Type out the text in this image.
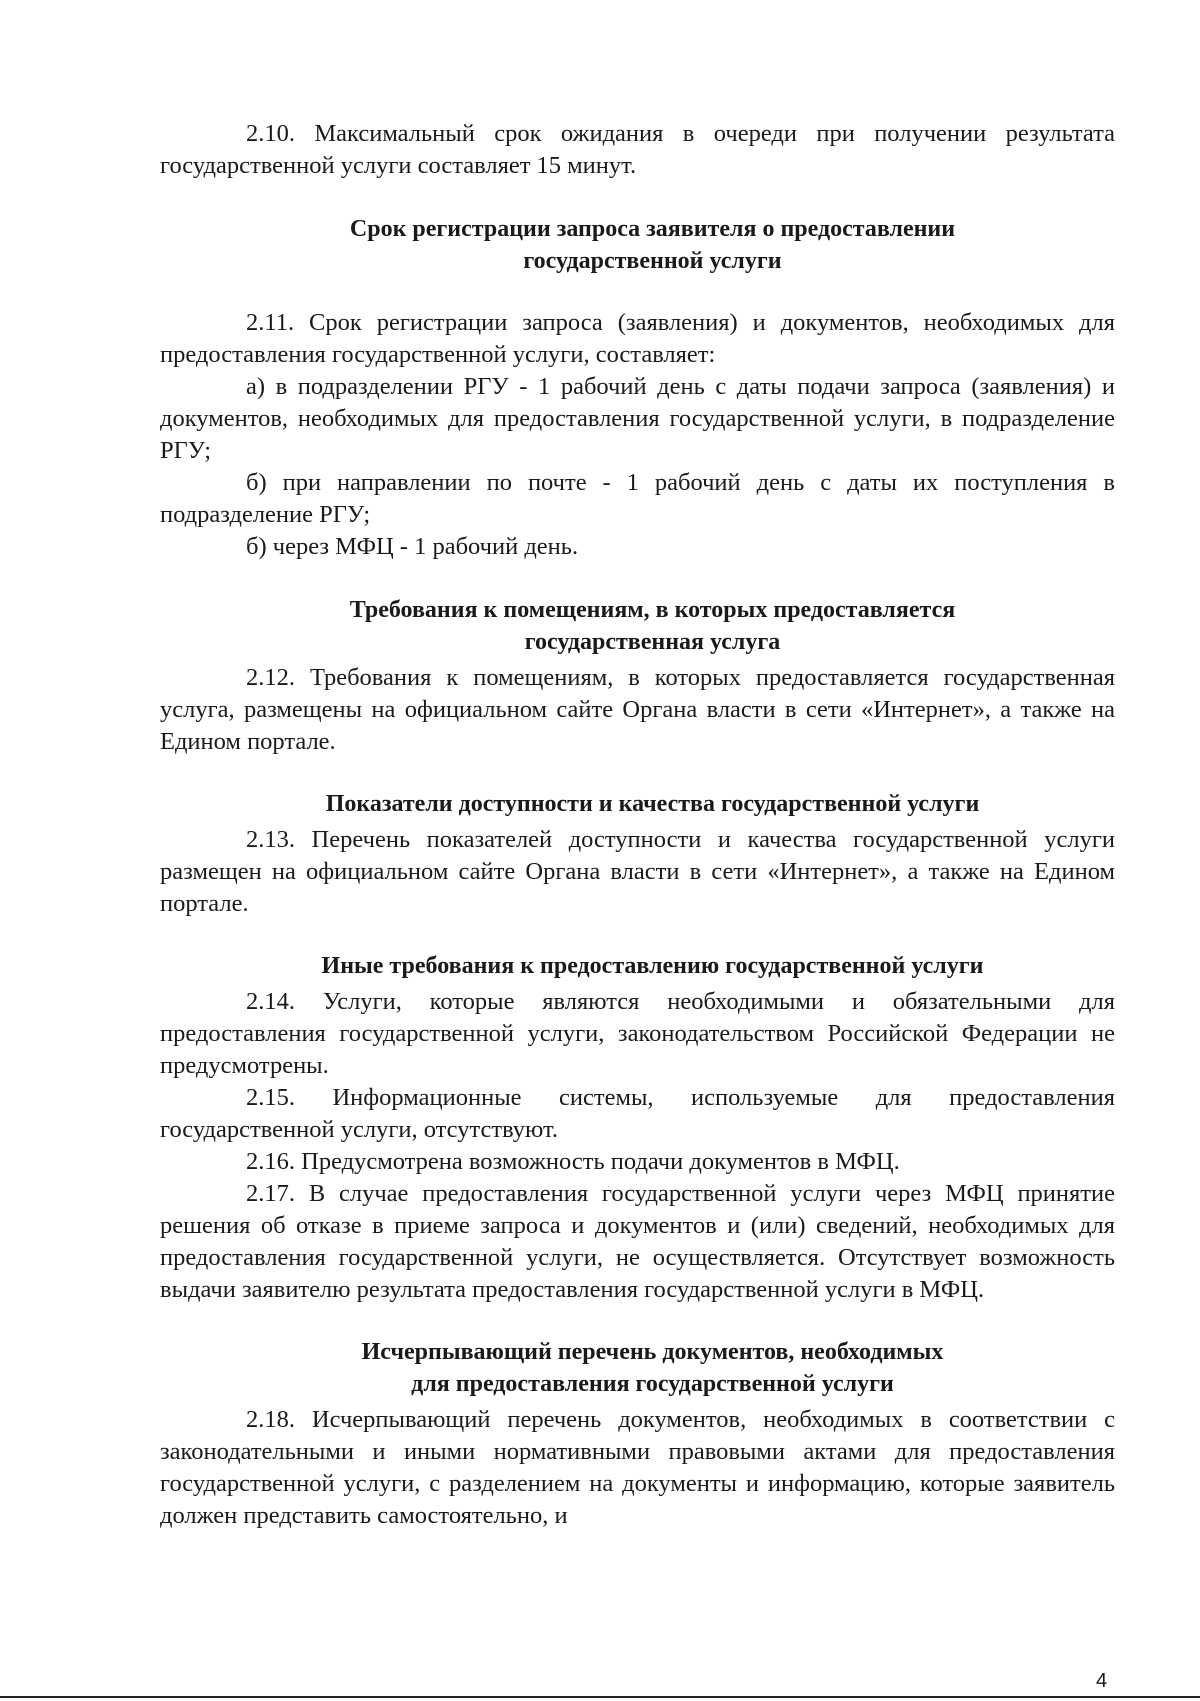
2.10. Максимальный срок ожидания в очереди при получении результата государственной услуги составляет 15 минут.

Срок регистрации запроса заявителя о предоставлении
государственной услуги

2.11. Срок регистрации запроса (заявления) и документов, необходимых для предоставления государственной услуги, составляет:

а) в подразделении РГУ - 1 рабочий день с даты подачи запроса (заявления) и документов, необходимых для предоставления государственной услуги, в подразделение РГУ;

б) при направлении по почте - 1 рабочий день с даты их поступления в подразделение РГУ;

б) через МФЦ - 1 рабочий день.

Требования к помещениям, в которых предоставляется
государственная услуга

2.12. Требования к помещениям, в которых предоставляется государственная услуга, размещены на официальном сайте Органа власти в сети «Интернет», а также на Едином портале.

Показатели доступности и качества государственной услуги

2.13. Перечень показателей доступности и качества государственной услуги размещен на официальном сайте Органа власти в сети «Интернет», а также на Едином портале.

Иные требования к предоставлению государственной услуги

2.14. Услуги, которые являются необходимыми и обязательными для предоставления государственной услуги, законодательством Российской Федерации не предусмотрены.

2.15. Информационные системы, используемые для предоставления государственной услуги, отсутствуют.

2.16. Предусмотрена возможность подачи документов в МФЦ.

2.17. В случае предоставления государственной услуги через МФЦ принятие решения об отказе в приеме запроса и документов и (или) сведений, необходимых для предоставления государственной услуги, не осуществляется. Отсутствует возможность выдачи заявителю результата предоставления государственной услуги в МФЦ.

Исчерпывающий перечень документов, необходимых
для предоставления государственной услуги

2.18. Исчерпывающий перечень документов, необходимых в соответствии с законодательными и иными нормативными правовыми актами для предоставления государственной услуги, с разделением на документы и информацию, которые заявитель должен представить самостоятельно, и

4
